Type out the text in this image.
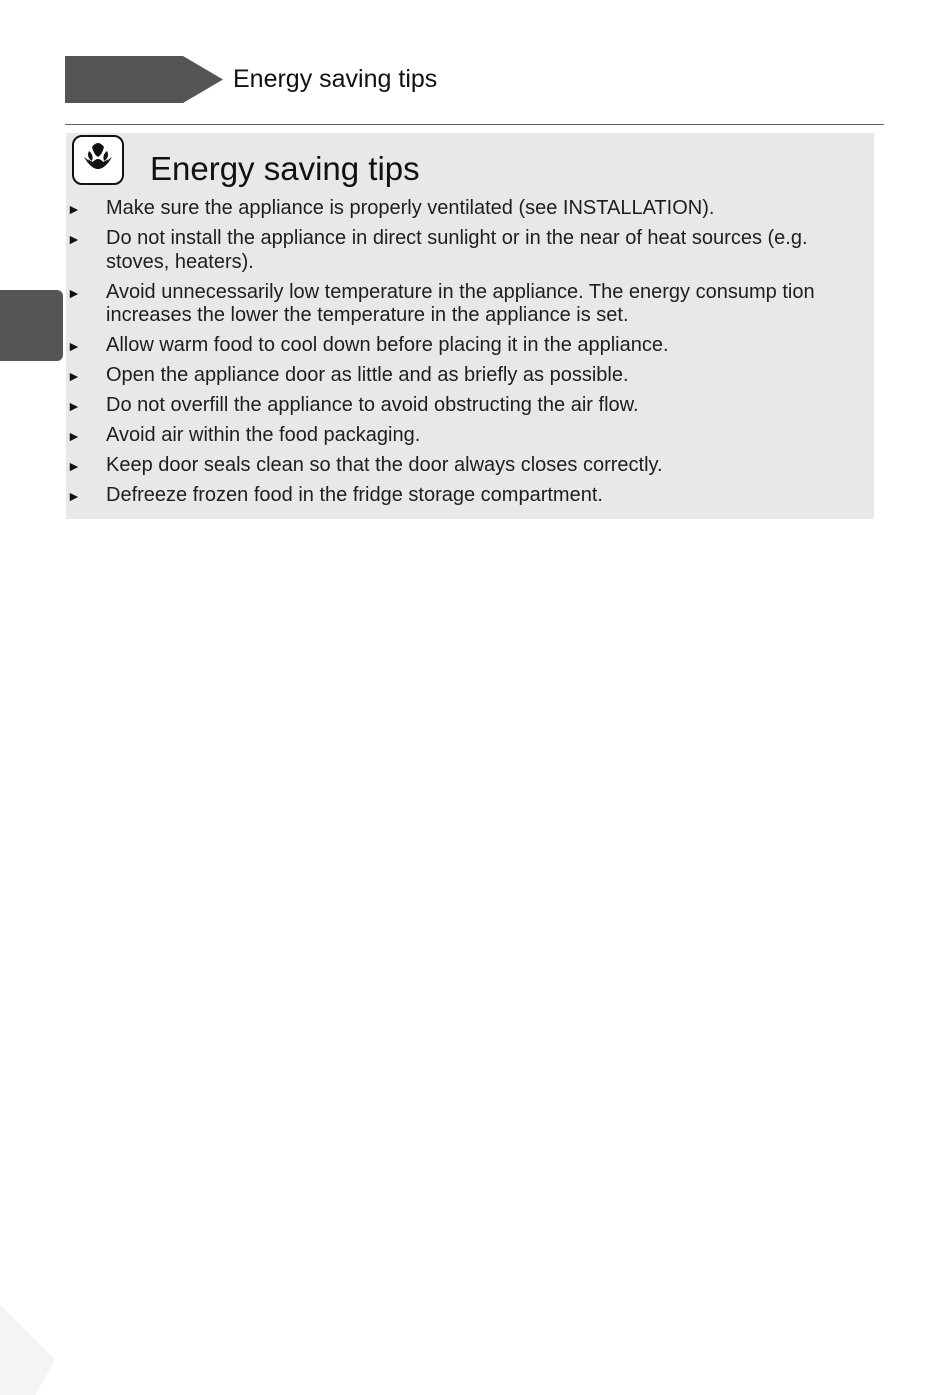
Energy saving tips
Energy saving tips
► Make sure the appliance is properly ventilated (see INSTALLATION).
► Do not install the appliance in direct sunlight or in the near of heat sources (e.g. stoves, heaters).
► Avoid unnecessarily low temperature in the appliance. The energy consump tion increases the lower the temperature in the appliance is set.
► Allow warm food to cool down before placing it in the appliance.
► Open the appliance door as little and as briefly as possible.
► Do not overfill the appliance to avoid obstructing the air flow.
► Avoid air within the food packaging.
► Keep door seals clean so that the door always closes correctly.
► Defreeze frozen food in the fridge storage compartment.
